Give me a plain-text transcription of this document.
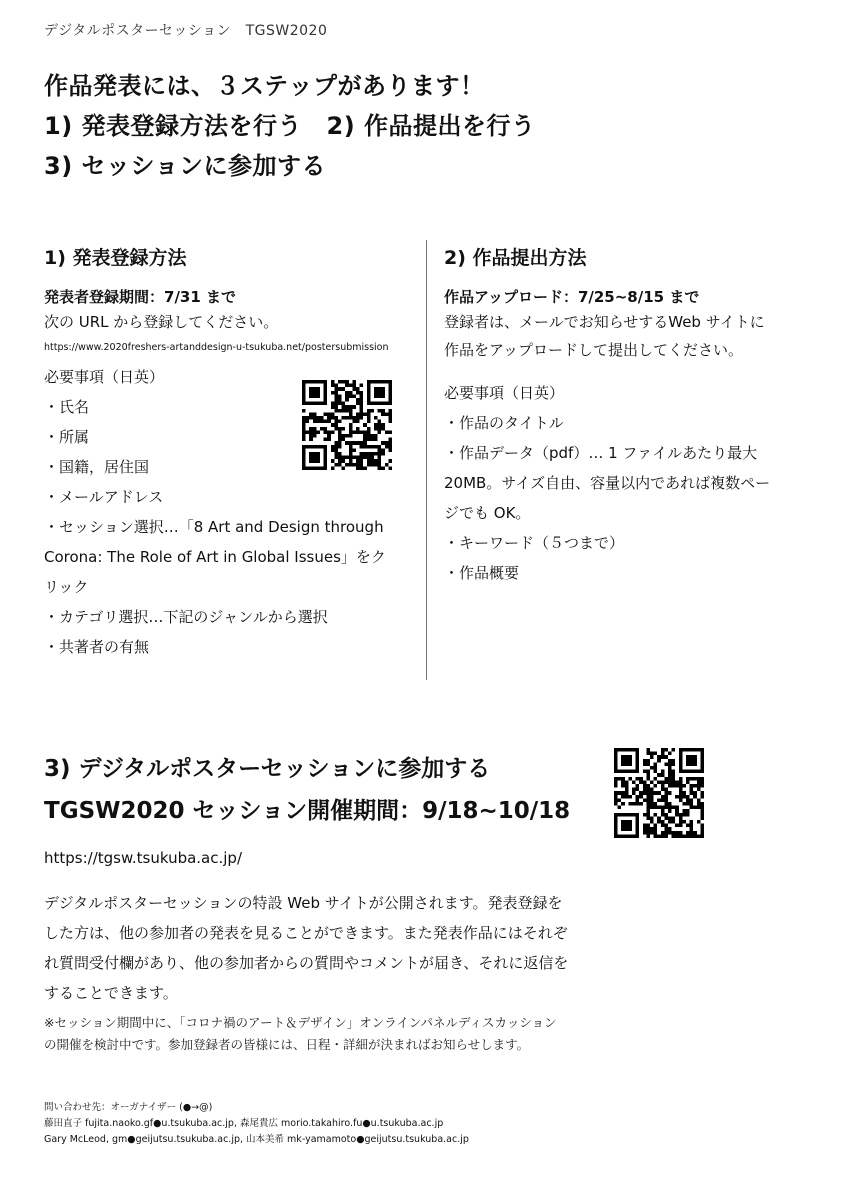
デジタルポスターセッション　TGSW2020
作品発表には、３ステップがあります！
1) 発表登録方法を行う　2) 作品提出を行う
3) セッションに参加する
1) 発表登録方法
発表者登録期間：7/31 まで
次の URL から登録してください。
https://www.2020freshers-artanddesign-u-tsukuba.net/postersubmission
必要事項（日英）
・氏名
・所属
・国籍，居住国
・メールアドレス
・セッション選択…「8 Art and Design through
Corona: The Role of Art in Global Issues」をク
リック
・カテゴリ選択…下記のジャンルから選択
・共著者の有無
2) 作品提出方法
作品アップロード：7/25~8/15 まで
登録者は、メールでお知らせするWeb サイトに
作品をアップロードして提出してください。
必要事項（日英）
・作品のタイトル
・作品データ（pdf）… 1 ファイルあたり最大
20MB。サイズ自由、容量以内であれば複数ペー
ジでも OK。
・キーワード（５つまで）
・作品概要
3) デジタルポスターセッションに参加する
TGSW2020 セッション開催期間：9/18~10/18
https://tgsw.tsukuba.ac.jp/
デジタルポスターセッションの特設 Web サイトが公開されます。発表登録を
した方は、他の参加者の発表を見ることができます。また発表作品にはそれぞ
れ質問受付欄があり、他の参加者からの質問やコメントが届き、それに返信を
することできます。
※セッション期間中に、「コロナ禍のアート＆デザイン」オンラインパネルディスカッション
の開催を検討中です。参加登録者の皆様には、日程・詳細が決まればお知らせします。
問い合わせ先：オーガナイザー (●→@)
藤田直子 fujita.naoko.gf●u.tsukuba.ac.jp, 森尾貴広 morio.takahiro.fu●u.tsukuba.ac.jp
Gary McLeod, gm●geijutsu.tsukuba.ac.jp, 山本美希 mk-yamamoto●geijutsu.tsukuba.ac.jp
